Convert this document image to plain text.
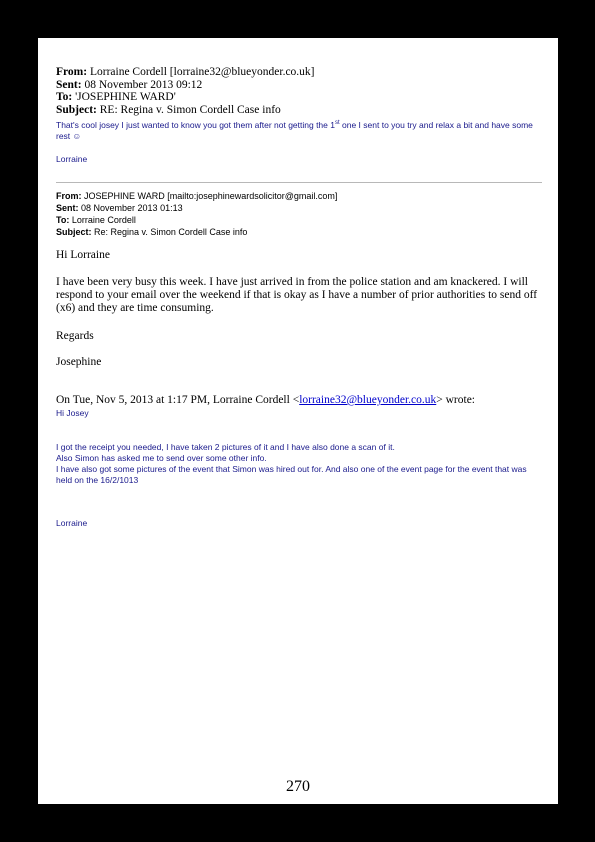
From: Lorraine Cordell [lorraine32@blueyonder.co.uk]
Sent: 08 November 2013 09:12
To: 'JOSEPHINE WARD'
Subject: RE: Regina v. Simon Cordell Case info
That's cool josey I just wanted to know you got them after not getting the 1st one I sent to you try and relax a bit and have some rest ☺
Lorraine
From: JOSEPHINE WARD [mailto:josephinewardsolicitor@gmail.com]
Sent: 08 November 2013 01:13
To: Lorraine Cordell
Subject: Re: Regina v. Simon Cordell Case info
Hi Lorraine
I have been very busy this week. I have just arrived in from the police station and am knackered. I will respond to your email over the weekend if that is okay as I have a number of prior authorities to send off (x6) and they are time consuming.
Regards
Josephine
On Tue, Nov 5, 2013 at 1:17 PM, Lorraine Cordell <lorraine32@blueyonder.co.uk> wrote:
Hi Josey
I got the receipt you needed, I have taken 2 pictures of it and I have also done a scan of it.
Also Simon has asked me to send over some other info.
I have also got some pictures of the event that Simon was hired out for. And also one of the event page for the event that was held on the 16/2/1013
Lorraine
270
